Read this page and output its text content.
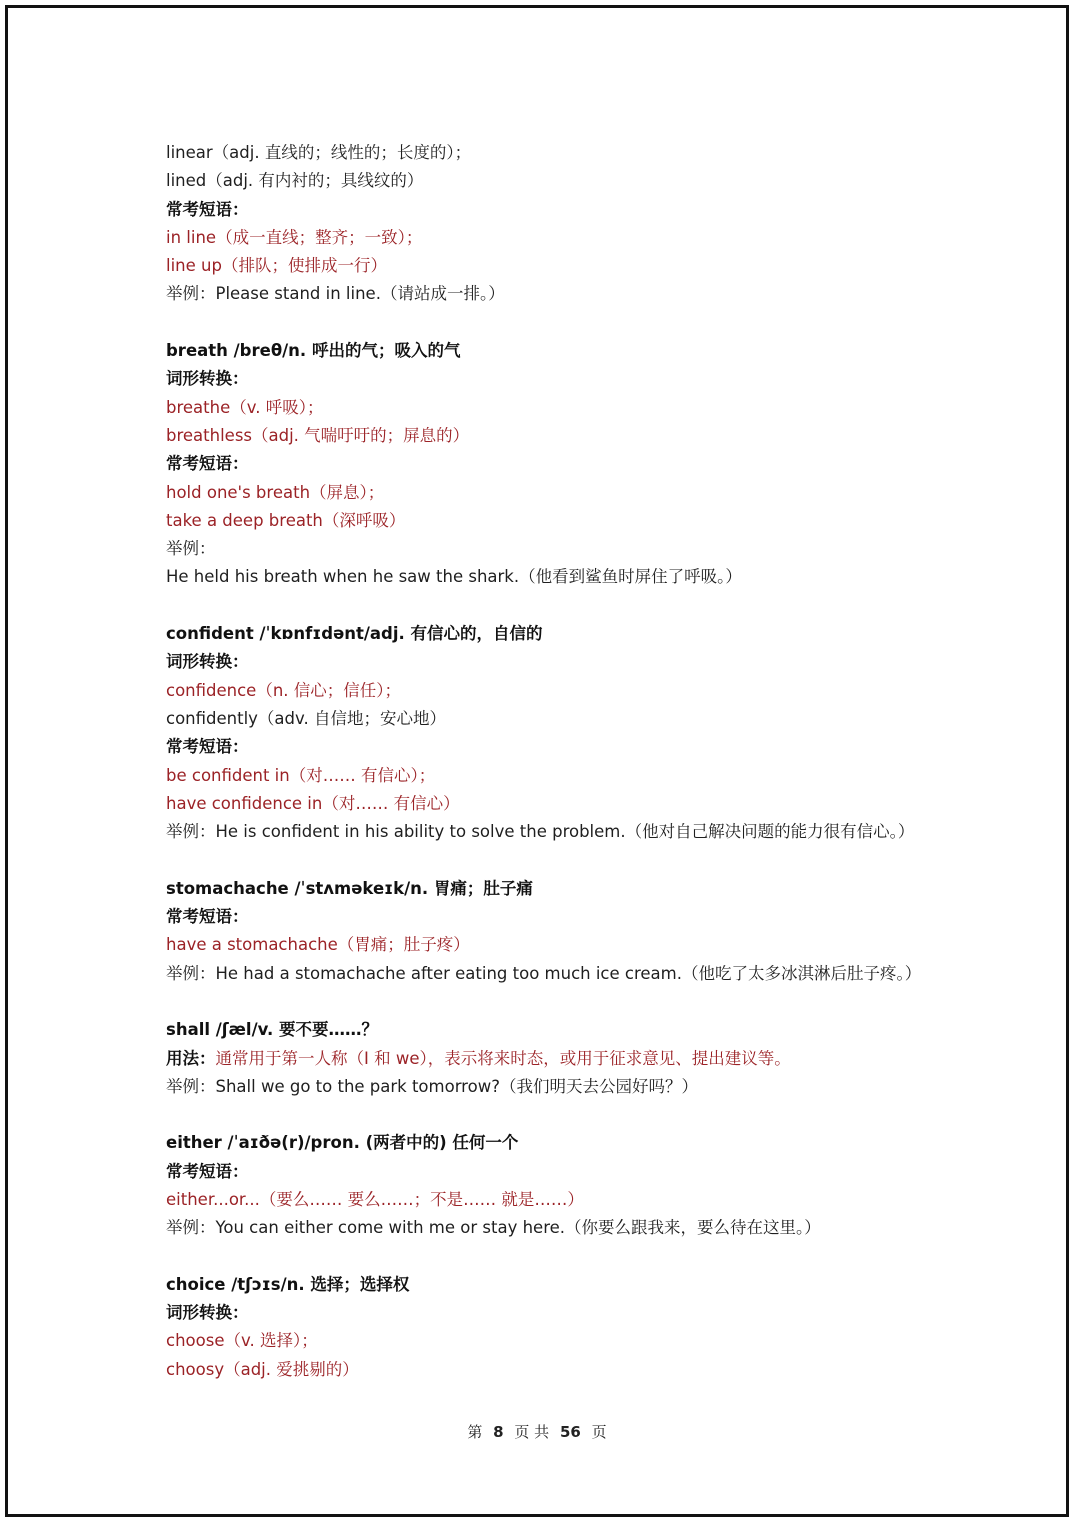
linear（adj. 直线的；线性的；长度的）；
lined（adj. 有内衬的；具线纹的）
常考短语：
in line（成一直线；整齐；一致）；
line up（排队；使排成一行）
举例：Please stand in line.（请站成一排。）
breath /breθ/n. 呼出的气；吸入的气
词形转换：
breathe（v. 呼吸）；
breathless（adj. 气喘吁吁的；屏息的）
常考短语：
hold one's breath（屏息）；
take a deep breath（深呼吸）
举例：
He held his breath when he saw the shark.（他看到鲨鱼时屏住了呼吸。）
confident /ˈkɒnfɪdənt/adj. 有信心的，自信的
词形转换：
confidence（n. 信心；信任）；
confidently（adv. 自信地；安心地）
常考短语：
be confident in（对…… 有信心）；
have confidence in（对…… 有信心）
举例：He is confident in his ability to solve the problem.（他对自己解决问题的能力很有信心。）
stomachache /ˈstʌməkeɪk/n. 胃痛；肚子痛
常考短语：
have a stomachache（胃痛；肚子疼）
举例：He had a stomachache after eating too much ice cream.（他吃了太多冰淇淋后肚子疼。）
shall /ʃæl/v. 要不要……？
用法：通常用于第一人称（I 和 we），表示将来时态，或用于征求意见、提出建议等。
举例：Shall we go to the park tomorrow?（我们明天去公园好吗？）
either /ˈaɪðə(r)/pron. (两者中的) 任何一个
常考短语：
either...or...（要么…… 要么……；不是…… 就是……）
举例：You can either come with me or stay here.（你要么跟我来，要么待在这里。）
choice /tʃɔɪs/n. 选择；选择权
词形转换：
choose（v. 选择）；
choosy（adj. 爱挑剔的）
第 8 页 共 56 页
